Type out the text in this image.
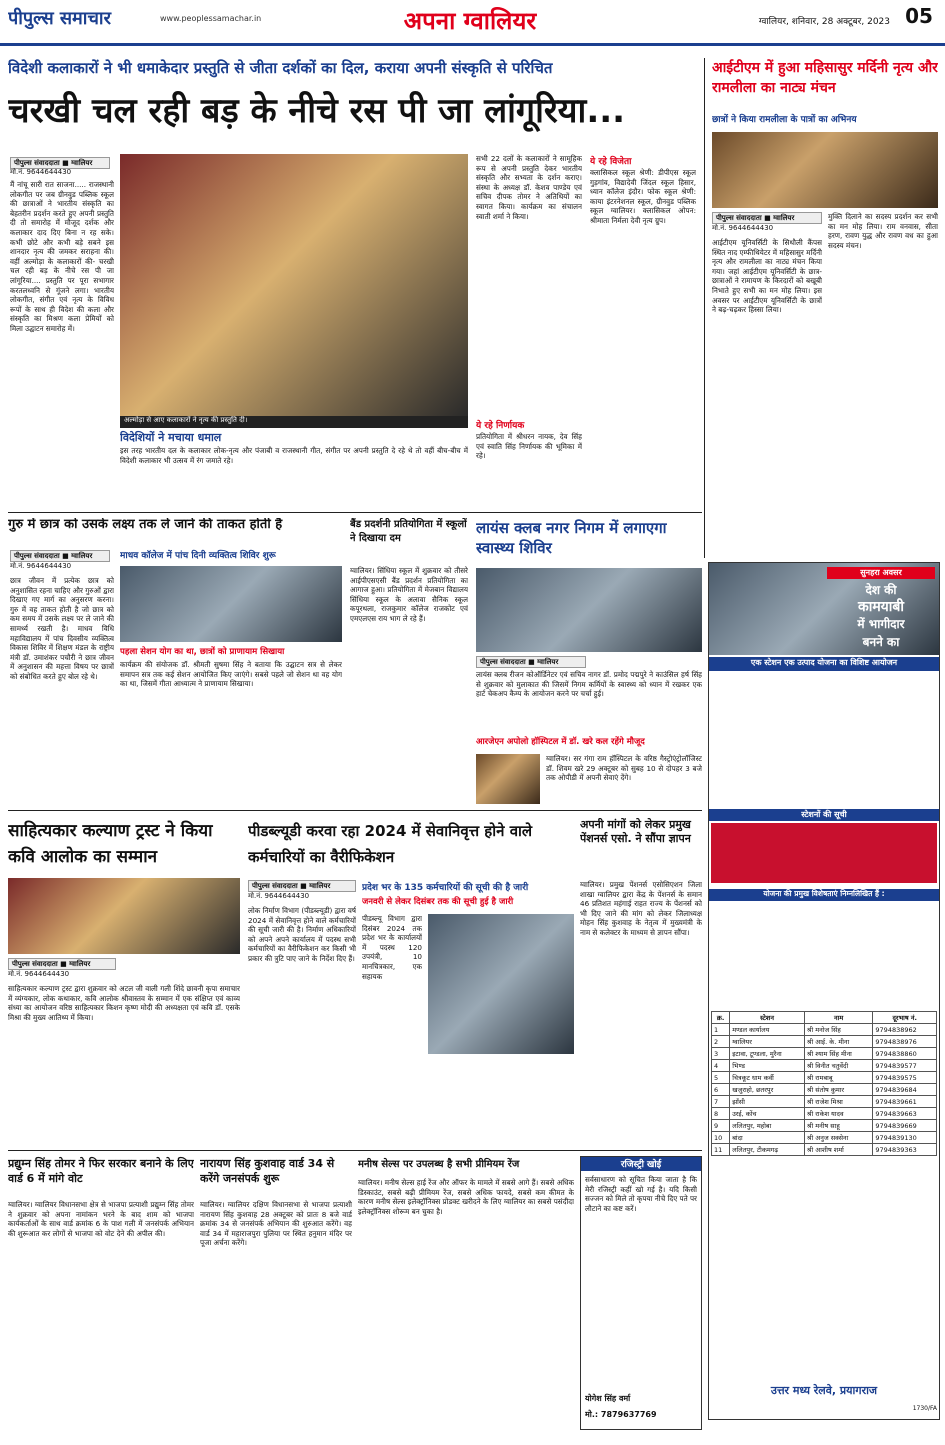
पीपुल्स समाचार	www.peoplessamachar.in	अपना ग्वालियर	ग्वालियर, शनिवार, 28 अक्टूबर, 2023 05
विदेशी कलाकारों ने भी धमाकेदार प्रस्तुति से जीता दर्शकों का दिल, कराया अपनी संस्कृति से परिचित
चरखी चल रही बड़ के नीचे रस पी जा लांगूरिया...
पीपुल्स संवाददाता ■ ग्वालियर
मो.नं. 9644644430
मैं नांचू सारी रात साजना..... राजस्थानी लोकगीत पर जब ग्रीनवुड पब्लिक स्कूल की छात्राओं ने भारतीय संस्कृति का बेहतरीन प्रदर्शन करते हुए अपनी प्रस्तुति दी तो समारोह में मौजूद दर्शक और कलाकार दाद दिए बिना न रह सके। कभी छोटे और कभी बड़े सबने इस शानदार नृत्य की जमकर सराहना की। वहीं अल्मोड़ा के कलाकारों की- चरखी चल रही बड़ के नीचे रस पी जा लांगूरिया.... प्रस्तुति पर पूरा सभागार करतलध्वनि से गूंजने लगा। भारतीय लोकगीत, संगीत एवं नृत्य के विविध रूपों के साथ ही विदेश की कला और संस्कृति का मिश्रण कला प्रेमियों को मिला उद्घाटन समारोह में।
अल्मोड़ा से आए कलाकारों ने नृत्य की प्रस्तुति दी।
विदेशियों ने मचाया धमाल
इस तरह भारतीय दल के कलाकार लोक-नृत्य और पंजाबी व राजस्थानी गीत, संगीत पर अपनी प्रस्तुति दे रहे थे तो वहीं बीच-बीच में विदेशी कलाकार भी उत्सव में रंग जमाते रहे।
सभी 22 दलों के कलाकारों ने सामूहिक रूप से अपनी प्रस्तुति देकर भारतीय संस्कृति और सभ्यता के दर्शन कराए। संस्था के अध्यक्ष डॉ. केशव पाण्डेय एवं सचिव दीपक तोमर ने अतिथियों का स्वागत किया। कार्यक्रम का संचालन स्वाती शर्मा ने किया।
ये रहे निर्णायक
प्रतियोगिता में श्रीधरन नायक, देव सिंह एवं स्वाति सिंह निर्णायक की भूमिका में रहे।
ये रहे विजेता
क्लासिकल स्कूल श्रेणी: डीपीएस स्कूल गुड़गांव, विद्यादेवी जिंदल स्कूल हिसार, ध्यान कॉलेज इंदौर। फोक स्कूल श्रेणी: काया इंटरनेशनल स्कूल, ग्रीनवुड पब्लिक स्कूल ग्वालियर। क्लासिकल ओपन: श्रीमाता निर्मला देवी नृत्य ग्रुप।
आईटीएम में हुआ महिसासुर मर्दिनी नृत्य और रामलीला का नाट्य मंचन
छात्रों ने किया रामलीला के पात्रों का अभिनय
पीपुल्स संवाददाता ■ ग्वालियर
मो.नं. 9644644430
आईटीएम यूनिवर्सिटी के सिथौली कैंपस स्थित नाद एम्फीथियेटर में महिसासुर मर्दिनी नृत्य और रामलीला का नाट्य मंचन किया गया। जहां आईटीएम यूनिवर्सिटी के छात्र-छात्राओं ने रामायण के किरदारों को बखूबी निभाते हुए सभी का मन मोह लिया। इस अवसर पर आईटीएम यूनिवर्सिटी के छात्रों ने बढ़-चढ़कर हिस्सा लिया।
मुक्ति दिलाने का सदस्य प्रदर्शन कर सभी का मन मोह लिया। राम वनवास, सीता हरण, रावण युद्ध और रावण वध का हुआ सदस्य मंचन।
गुरु में छात्र को उसके लक्ष्य तक ले जाने की ताकत होती है
माधव कॉलेज में पांच दिनी व्यक्तित्व शिविर शुरू
पीपुल्स संवाददाता ■ ग्वालियर
मो.नं. 9644644430
छात्र जीवन में प्रत्येक छात्र को अनुशासित रहना चाहिए और गुरुओं द्वारा दिखाए गए मार्ग का अनुसरण करना। गुरु में वह ताकत होती है जो छात्र को कम समय में उसके लक्ष्य पर ले जाने की सामर्थ्य रखती है। माधव विधि महाविद्यालय में पांच दिवसीय व्यक्तित्व विकास शिविर में शिक्षण मंडल के राष्ट्रीय मंत्री डॉ. उमाशंकर पचौरी ने छात्र जीवन में अनुशासन की महत्ता विषय पर छात्रों को संबोधित करते हुए बोल रहे थे।
पहला सेशन योग का था, छात्रों को प्राणायाम सिखाया
कार्यक्रम की संयोजक डॉ. श्रीमती सुषमा सिंह ने बताया कि उद्घाटन सत्र से लेकर समापन सत्र तक कई सेशन आयोजित किए जाएंगे। सबसे पहले जो सेशन था वह योग का था, जिसमें गीता आध्यात्म ने प्राणायाम सिखाया।
बैंड प्रदर्शनी प्रतियोगिता में स्कूलों ने दिखाया दम
ग्वालियर। सिंधिया स्कूल में शुक्रवार को तीसरे आईपीएसएसी बैंड प्रदर्शन प्रतियोगिता का आगाज हुआ। प्रतियोगिता में मेजबान विद्यालय सिंधिया स्कूल के अलावा सैनिक स्कूल कपूरथला, राजकुमार कॉलेज राजकोट एवं एमएलएस राय भाग ले रहे हैं।
लायंस क्लब नगर निगम में लगाएगा स्वास्थ्य शिविर
पीपुल्स संवाददाता ■ ग्वालियर
लायंस क्लब रीजन कोऑर्डिनेटर एवं सचिव नागर डॉ. प्रमोद पद्मपुरे ने काउंसिल हर्ष सिंह से शुक्रवार को मुलाकात की जिसमें निगम कर्मियों के स्वास्थ्य को ध्यान में रखकर एक हार्ट चेकअप कैम्प के आयोजन करने पर चर्चा हुई।
आरजेएन अपोलो हॉस्पिटल में डॉ. खरे कल रहेंगे मौजूद
ग्वालियर। सर गंगा राम हॉस्पिटल के वरिष्ठ गैस्ट्रोएंट्रोलॉजिस्ट डॉ. शिवम खरे 29 अक्टूबर को सुबह 10 से दोपहर 3 बजे तक ओपीडी में अपनी सेवाएं देंगे।
सुनहरा अवसर
देश की
कामयाबी
में भागीदार
बनने का
एक स्टेशन एक उत्पाद योजना का विशिष्ट आयोजन
स्टेशनों की सूची
योजना की प्रमुख विशेषताएं निम्नलिखित हैं :
क्र.	स्टेशन	नाम	दूरभाष नं.
1	मण्डल कार्यालय	श्री मनोज सिंह	9794838962
2	ग्वालियर	श्री आई. के. मीना	9794838976
3	इटावा, टूण्डला, मुरैना	श्री श्याम सिंह मीना	9794838860
4	भिण्ड	श्री विनीत चतुर्वेदी	9794839577
5	चित्रकूट धाम कर्वी	श्री रामबाबू	9794839575
6	खजुराहो, छतरपुर	श्री संतोष कुमार	9794839684
7	झाँसी	श्री राजेश मिश्रा	9794839661
8	उरई, कोंच	श्री राकेश यादव	9794839663
9	ललितपुर, महोबा	श्री मनीष साहू	9794839669
10	बांदा	श्री अनुज सक्सेना	9794839130
11	ललितपुर, टीकमगढ़	श्री आशीष शर्मा	9794839363
उत्तर मध्य रेलवे, प्रयागराज
1730/FA
साहित्यकार कल्याण ट्रस्ट ने किया कवि आलोक का सम्मान
पीपुल्स संवाददाता ■ ग्वालियर
मो.नं. 9644644430
साहित्यकार कल्याण ट्रस्ट द्वारा शुक्रवार को अटल जी वाली गली शिंदे छावनी कृपा समाचार में व्यंग्यकार, लोक कथाकार, कवि आलोक श्रीवास्तव के सम्मान में एक संक्षिप्त एवं काव्य संध्या का आयोजन वरिष्ठ साहित्यकार किशन कृष्ण मोदी की अध्यक्षता एवं कवि डॉ. एसके मिश्रा की मुख्य आतिथ्य में किया।
पीडब्ल्यूडी करवा रहा 2024 में सेवानिवृत्त होने वाले कर्मचारियों का वैरीफिकेशन
पीपुल्स संवाददाता ■ ग्वालियर
मो.नं. 9644644430
लोक निर्माण विभाग (पीडब्ल्यूडी) द्वारा वर्ष 2024 में सेवानिवृत्त होने वाले कर्मचारियों की सूची जारी की है। निर्माण अधिकारियों को अपने अपने कार्यालय में पदस्थ सभी कर्मचारियों का वैरीफिकेशन कर किसी भी प्रकार की त्रुटि पाए जाने के निर्देश दिए हैं।
प्रदेश भर के 135 कर्मचारियों की सूची की है जारी
जनवरी से लेकर दिसंबर तक की सूची हुई है जारी
पीडब्ल्यू विभाग द्वारा दिसंबर 2024 तक प्रदेश भर के कार्यालयों में पदस्थ 120 उपयंत्री, 10 मानचित्रकार, एक सहायक
अपनी मांगों को लेकर प्रमुख पेंशनर्स एसो. ने सौंपा ज्ञापन
ग्वालियर। प्रमुख पेंशनर्स एसोसिएशन जिला शाखा ग्वालियर द्वारा केंद्र के पेंशनर्स के समान 46 प्रतिशत महंगाई राहत राज्य के पेंशनर्स को भी दिए जाने की मांग को लेकर जिलाध्यक्ष मोहन सिंह कुशवाह के नेतृत्व में मुख्यमंत्री के नाम से कलेक्टर के माध्यम से ज्ञापन सौंपा।
प्रद्युम्न सिंह तोमर ने फिर सरकार बनाने के लिए वार्ड 6 में मांगे वोट
ग्वालियर। ग्वालियर विधानसभा क्षेत्र से भाजपा प्रत्याशी प्रद्युम्न सिंह तोमर ने शुक्रवार को अपना नामांकन भरने के बाद शाम को भाजपा कार्यकर्ताओं के साथ वार्ड क्रमांक 6 के पाश गली में जनसंपर्क अभियान की शुरूआत कर लोगों से भाजपा को वोट देने की अपील की।
नारायण सिंह कुशवाह वार्ड 34 से करेंगे जनसंपर्क शुरू
ग्वालियर। ग्वालियर दक्षिण विधानसभा से भाजपा प्रत्याशी नारायण सिंह कुशवाह 28 अक्टूबर को प्रातः 8 बजे वार्ड क्रमांक 34 से जनसंपर्क अभियान की शुरुआत करेंगे। वह वार्ड 34 में महाराजपुरा पुलिया पर स्थित हनुमान मंदिर पर पूजा अर्चना करेंगे।
मनीष सेल्स पर उपलब्ध है सभी प्रीमियम रेंज
ग्वालियर। मनीष सेल्स हाई रेंज और ऑफर के मामले में सबसे आगे हैं। सबसे अधिक डिस्काउंट, सबसे बढ़ी प्रीमियम रेंज, सबसे अधिक फायदे, सबसे कम कीमत के कारण मनीष सेल्स इलेक्ट्रॉनिक्स प्रोडक्ट खरीदने के लिए ग्वालियर का सबसे पसंदीदा इलेक्ट्रॉनिक्स शोरूम बन चुका है।
रजिस्ट्री खोई
सर्वसाधारण को सूचित किया जाता है कि मेरी रजिस्ट्री कहीं खो गई है। यदि किसी सज्जन को मिले तो कृपया नीचे दिए पते पर लौटाने का कष्ट करें।
योगेश सिंह वर्मा
मो.: 7879637769
